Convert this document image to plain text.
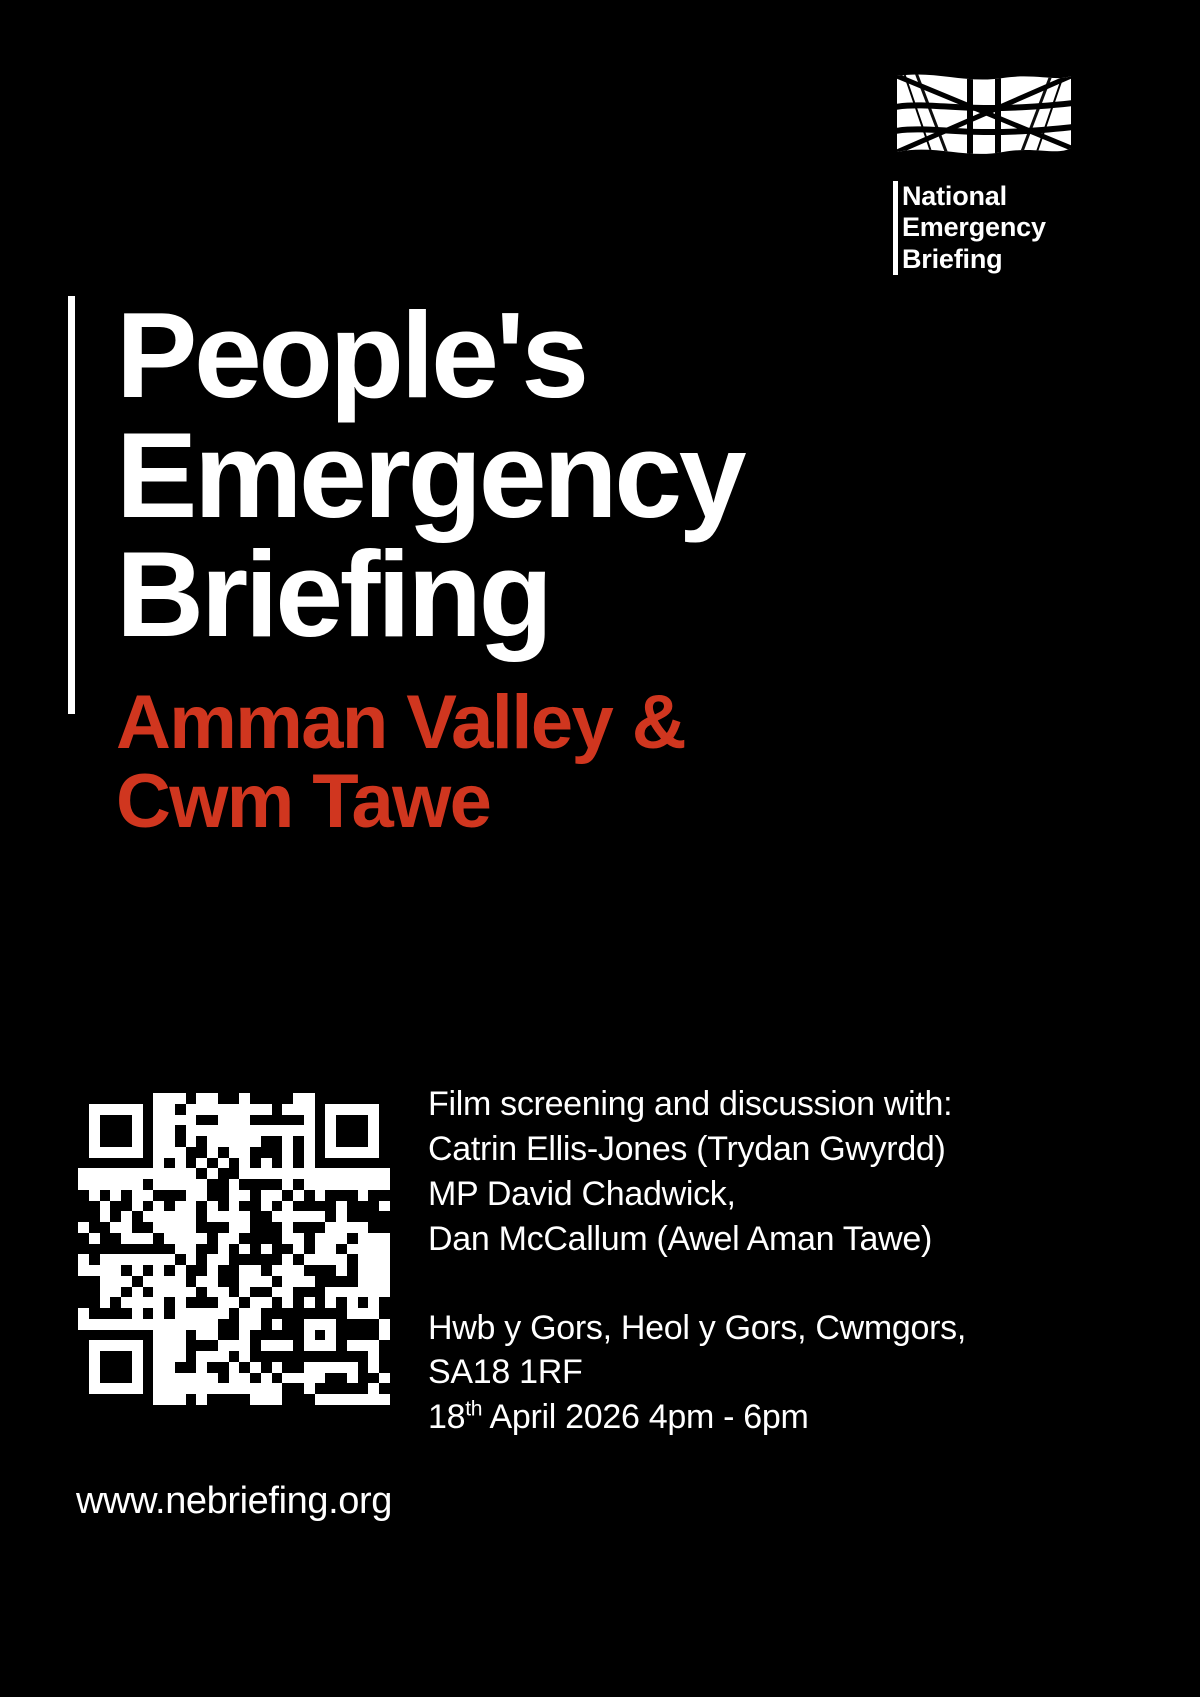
National
Emergency
Briefing
People's
Emergency
Briefing
Amman Valley &
Cwm Tawe

Film screening and discussion with:

Catrin Ellis-Jones (Trydan Gwyrdd)

MP David Chadwick,

Dan McCallum (Awel Aman Tawe)

Hwb y Gors, Heol y Gors, Cwmgors,

SA18 1RF

18th April 2026 4pm - 6pm

www.nebriefing.org
